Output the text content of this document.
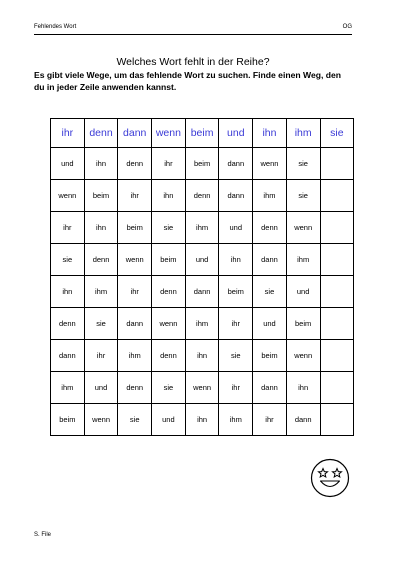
Fehlendes Wort	OG
Welches Wort fehlt in der Reihe?
Es gibt viele Wege, um das fehlende Wort zu suchen. Finde einen Weg, den du in jeder Zeile anwenden kannst.
ihr	denn	dann	wenn	beim	und	ihn	ihm	sie
und	ihn	denn	ihr	beim	dann	wenn	sie	
wenn	beim	ihr	ihn	denn	dann	ihm	sie	
ihr	ihn	beim	sie	ihm	und	denn	wenn	
sie	denn	wenn	beim	und	ihn	dann	ihm	
ihn	ihm	ihr	denn	dann	beim	sie	und	
denn	sie	dann	wenn	ihm	ihr	und	beim	
dann	ihr	ihm	denn	ihn	sie	beim	wenn	
ihm	und	denn	sie	wenn	ihr	dann	ihn	
beim	wenn	sie	und	ihn	ihm	ihr	dann	
S. File
